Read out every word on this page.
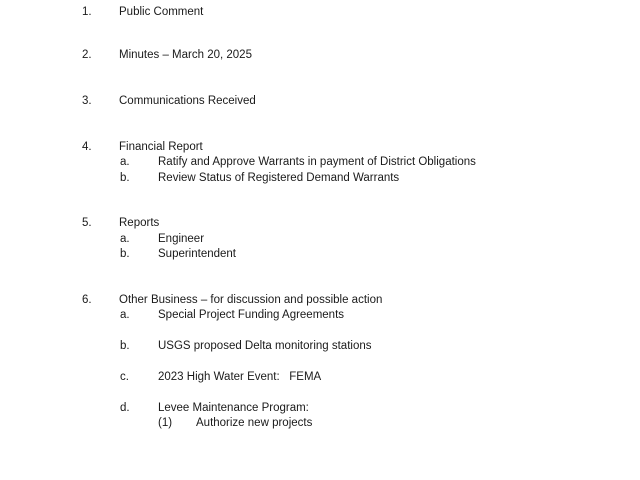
1. Public Comment
2. Minutes – March 20, 2025
3. Communications Received
4. Financial Report
a. Ratify and Approve Warrants in payment of District Obligations
b. Review Status of Registered Demand Warrants
5. Reports
a. Engineer
b. Superintendent
6. Other Business – for discussion and possible action
a. Special Project Funding Agreements
b. USGS proposed Delta monitoring stations
c.	2023 High Water Event:   FEMA
d. Levee Maintenance Program:
(1) Authorize new projects
